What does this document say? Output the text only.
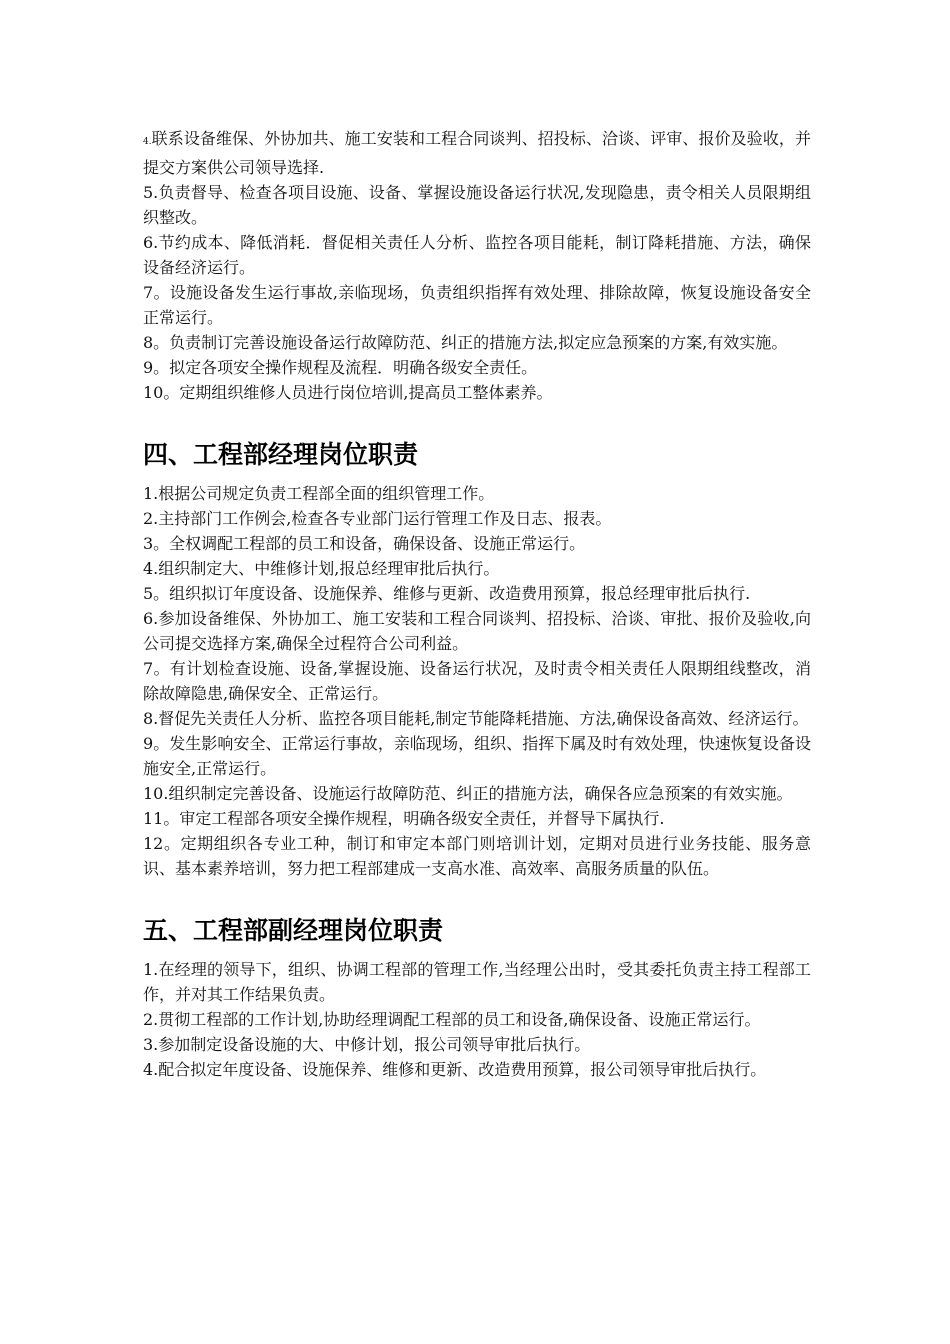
4.联系设备维保、外协加共、施工安装和工程合同谈判、招投标、洽谈、评审、报价及验收，并提交方案供公司领导选择.

5.负责督导、检查各项目设施、设备、掌握设施设备运行状况,发现隐患，责令相关人员限期组织整改。

6.节约成本、降低消耗．督促相关责任人分析、监控各项目能耗，制订降耗措施、方法，确保设备经济运行。

7。设施设备发生运行事故,亲临现场，负责组织指挥有效处理、排除故障，恢复设施设备安全正常运行。

8。负责制订完善设施设备运行故障防范、纠正的措施方法,拟定应急预案的方案,有效实施。

9。拟定各项安全操作规程及流程．明确各级安全责任。

10。定期组织维修人员进行岗位培训,提高员工整体素养。

四、工程部经理岗位职责

1.根据公司规定负责工程部全面的组织管理工作。

2.主持部门工作例会,检查各专业部门运行管理工作及日志、报表。

3。全权调配工程部的员工和设备，确保设备、设施正常运行。

4.组织制定大、中维修计划,报总经理审批后执行。

5。组织拟订年度设备、设施保养、维修与更新、改造费用预算，报总经理审批后执行.

6.参加设备维保、外协加工、施工安装和工程合同谈判、招投标、洽谈、审批、报价及验收,向公司提交选择方案,确保全过程符合公司利益。

7。有计划检查设施、设备,掌握设施、设备运行状况，及时责令相关责任人限期组线整改，消除故障隐患,确保安全、正常运行。

8.督促先关责任人分析、监控各项目能耗,制定节能降耗措施、方法,确保设备高效、经济运行。

9。发生影响安全、正常运行事故，亲临现场，组织、指挥下属及时有效处理，快速恢复设备设施安全,正常运行。

10.组织制定完善设备、设施运行故障防范、纠正的措施方法，确保各应急预案的有效实施。

11。审定工程部各项安全操作规程，明确各级安全责任，并督导下属执行.

12。定期组织各专业工种，制订和审定本部门则培训计划，定期对员进行业务技能、服务意识、基本素养培训，努力把工程部建成一支高水准、高效率、高服务质量的队伍。

五、工程部副经理岗位职责

1.在经理的领导下，组织、协调工程部的管理工作,当经理公出时，受其委托负责主持工程部工作，并对其工作结果负责。

2.贯彻工程部的工作计划,协助经理调配工程部的员工和设备,确保设备、设施正常运行。

3.参加制定设备设施的大、中修计划，报公司领导审批后执行。

4.配合拟定年度设备、设施保养、维修和更新、改造费用预算，报公司领导审批后执行。
